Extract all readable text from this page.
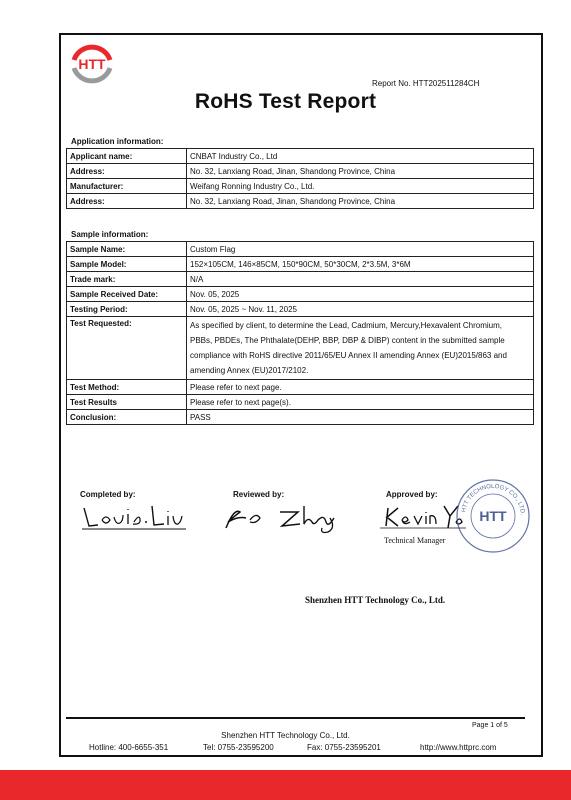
HTT
Report No. HTT202511284CH
RoHS Test Report
Application information:
Applicant name:	CNBAT Industry Co., Ltd
Address:	No. 32, Lanxiang Road, Jinan, Shandong Province, China
Manufacturer:	Weifang Ronning Industry Co., Ltd.
Address:	No. 32, Lanxiang Road, Jinan, Shandong Province, China
Sample information:
Sample Name:	Custom Flag
Sample Model:	152×105CM, 146×85CM, 150*90CM, 50*30CM, 2*3.5M, 3*6M
Trade mark:	N/A
Sample Received Date:	Nov. 05, 2025
Testing Period:	Nov. 05, 2025 ~ Nov. 11, 2025
Test Requested:	As specified by client, to determine the Lead, Cadmium, Mercury,Hexavalent Chromium, PBBs, PBDEs, The Phthalate(DEHP, BBP, DBP & DIBP) content in the submitted sample compliance with RoHS directive 2011/65/EU Annex II amending Annex (EU)2015/863 and amending Annex (EU)2017/2102.
Test Method:	Please refer to next page.
Test Results	Please refer to next page(s).
Conclusion:	PASS
Completed by:	Reviewed by:	Approved by:
Technical Manager
HTT TECHNOLOGY CO., LTD.
HTT
Shenzhen HTT Technology Co., Ltd.
Page 1 of 5
Shenzhen HTT Technology Co., Ltd.
Hotline: 400-6655-351	Tel: 0755-23595200	Fax: 0755-23595201	http://www.httprc.com
